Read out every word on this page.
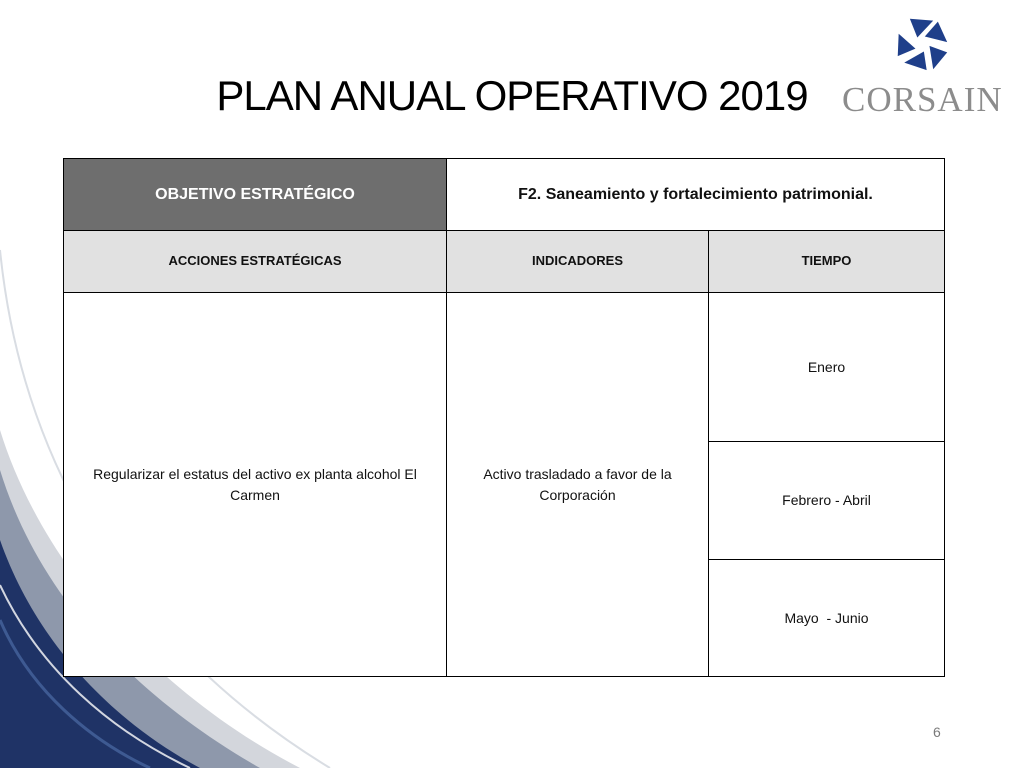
PLAN ANUAL OPERATIVO 2019 CORSAIN
OBJETIVO ESTRATÉGICO	F2. Saneamiento y fortalecimiento patrimonial.	
ACCIONES ESTRATÉGICAS	INDICADORES	TIEMPO
Regularizar el estatus del activo ex planta alcohol El Carmen	Activo trasladado a favor de la Corporación	Enero
		Febrero - Abril
		Mayo  - Junio
6
